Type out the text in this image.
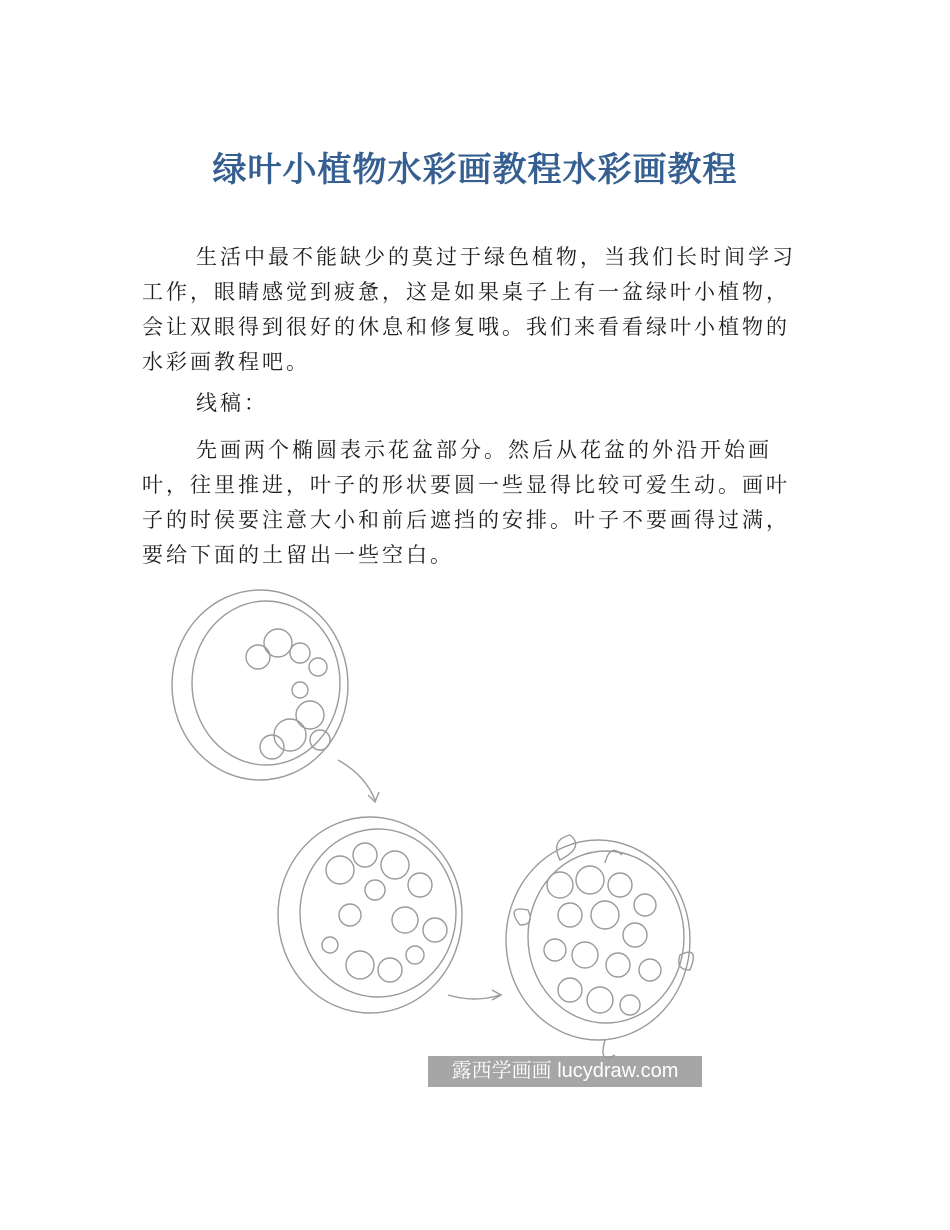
绿叶小植物水彩画教程水彩画教程

生活中最不能缺少的莫过于绿色植物，当我们长时间学习工作，眼睛感觉到疲惫，这是如果桌子上有一盆绿叶小植物，会让双眼得到很好的休息和修复哦。我们来看看绿叶小植物的水彩画教程吧。

线稿：

先画两个椭圆表示花盆部分。然后从花盆的外沿开始画叶，往里推进，叶子的形状要圆一些显得比较可爱生动。画叶子的时侯要注意大小和前后遮挡的安排。叶子不要画得过满，要给下面的土留出一些空白。

露西学画画 lucydraw.com
